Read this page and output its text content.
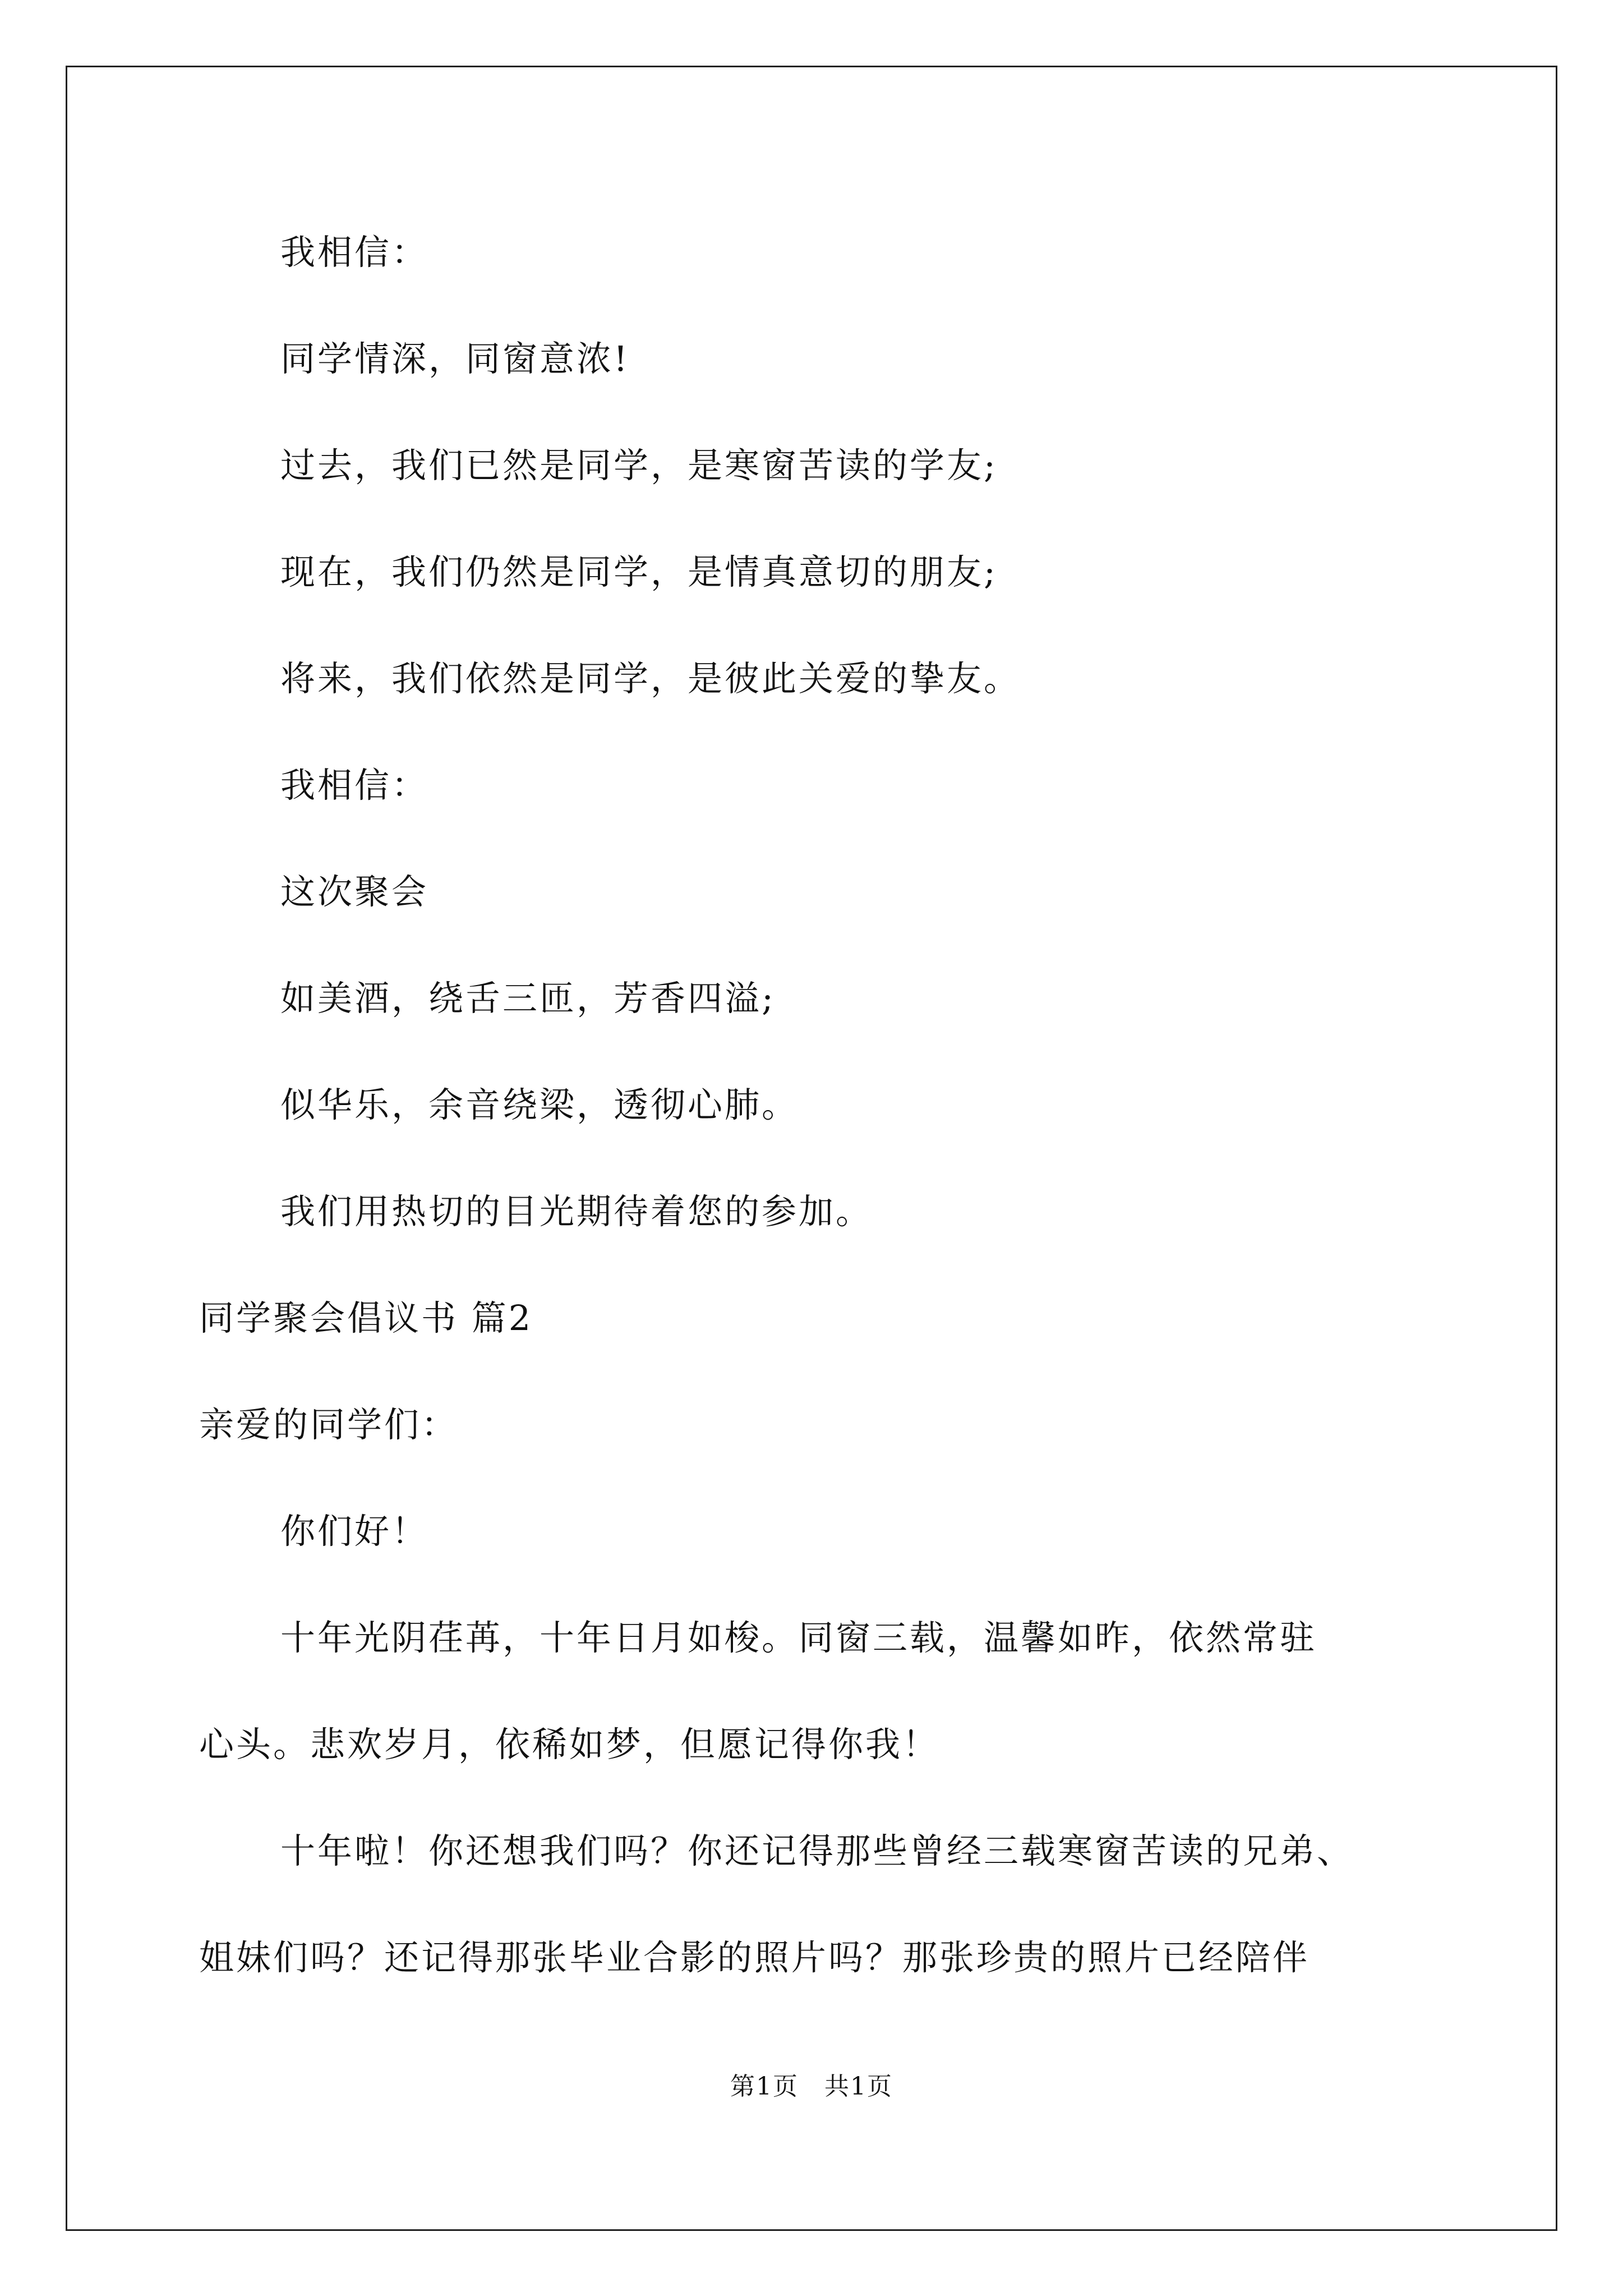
我相信：
同学情深，同窗意浓!
过去，我们已然是同学，是寒窗苦读的学友;
现在，我们仍然是同学，是情真意切的朋友;
将来，我们依然是同学，是彼此关爱的挚友。
我相信：
这次聚会
如美酒，绕舌三匝，芳香四溢;
似华乐，余音绕梁，透彻心肺。
我们用热切的目光期待着您的参加。
同学聚会倡议书 篇2
亲爱的同学们：
你们好！
十年光阴荏苒，十年日月如梭。同窗三载，温馨如昨，依然常驻
心头。悲欢岁月，依稀如梦，但愿记得你我！
十年啦！你还想我们吗？你还记得那些曾经三载寒窗苦读的兄弟、
姐妹们吗？还记得那张毕业合影的照片吗？那张珍贵的照片已经陪伴
第1页　共1页
